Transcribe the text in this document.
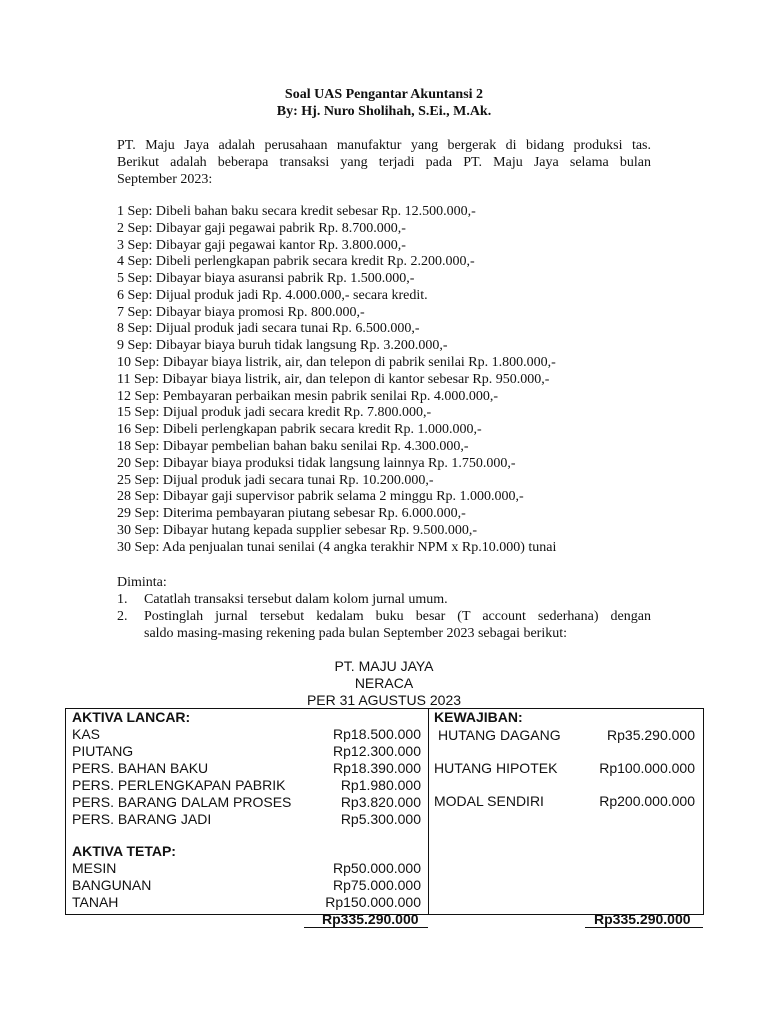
Soal UAS Pengantar Akuntansi 2
By: Hj. Nuro Sholihah, S.Ei., M.Ak.
PT. Maju Jaya adalah perusahaan manufaktur yang bergerak di bidang produksi tas.
Berikut adalah beberapa transaksi yang terjadi pada PT. Maju Jaya selama bulan
September 2023:
1 Sep: Dibeli bahan baku secara kredit sebesar Rp. 12.500.000,-
2 Sep: Dibayar gaji pegawai pabrik Rp. 8.700.000,-
3 Sep: Dibayar gaji pegawai kantor Rp. 3.800.000,-
4 Sep: Dibeli perlengkapan pabrik secara kredit Rp. 2.200.000,-
5 Sep: Dibayar biaya asuransi pabrik Rp. 1.500.000,-
6 Sep: Dijual produk jadi Rp. 4.000.000,- secara kredit.
7 Sep: Dibayar biaya promosi Rp. 800.000,-
8 Sep: Dijual produk jadi secara tunai Rp. 6.500.000,-
9 Sep: Dibayar biaya buruh tidak langsung Rp. 3.200.000,-
10 Sep: Dibayar biaya listrik, air, dan telepon di pabrik senilai Rp. 1.800.000,-
11 Sep: Dibayar biaya listrik, air, dan telepon di kantor sebesar Rp. 950.000,-
12 Sep: Pembayaran perbaikan mesin pabrik senilai Rp. 4.000.000,-
15 Sep: Dijual produk jadi secara kredit Rp. 7.800.000,-
16 Sep: Dibeli perlengkapan pabrik secara kredit Rp. 1.000.000,-
18 Sep: Dibayar pembelian bahan baku senilai Rp. 4.300.000,-
20 Sep: Dibayar biaya produksi tidak langsung lainnya Rp. 1.750.000,-
25 Sep: Dijual produk jadi secara tunai Rp. 10.200.000,-
28 Sep: Dibayar gaji supervisor pabrik selama 2 minggu Rp. 1.000.000,-
29 Sep: Diterima pembayaran piutang sebesar Rp. 6.000.000,-
30 Sep: Dibayar hutang kepada supplier sebesar Rp. 9.500.000,-
30 Sep: Ada penjualan tunai senilai (4 angka terakhir NPM x Rp.10.000) tunai
Diminta:
1.	Catatlah transaksi tersebut dalam kolom jurnal umum.
2.	Postinglah jurnal tersebut kedalam buku besar (T account sederhana) dengan
saldo masing-masing rekening pada bulan September 2023 sebagai berikut:
PT. MAJU JAYA
NERACA
PER 31 AGUSTUS 2023
AKTIVA LANCAR:
KAS	Rp18.500.000
PIUTANG	Rp12.300.000
PERS. BAHAN BAKU	Rp18.390.000
PERS. PERLENGKAPAN PABRIK	Rp1.980.000
PERS. BARANG DALAM PROSES	Rp3.820.000
PERS. BARANG JADI	Rp5.300.000
AKTIVA TETAP:
MESIN	Rp50.000.000
BANGUNAN	Rp75.000.000
TANAH	Rp150.000.000
KEWAJIBAN:
HUTANG DAGANG	Rp35.290.000
HUTANG HIPOTEK	Rp100.000.000
MODAL SENDIRI	Rp200.000.000
Rp335.290.000	Rp335.290.000
